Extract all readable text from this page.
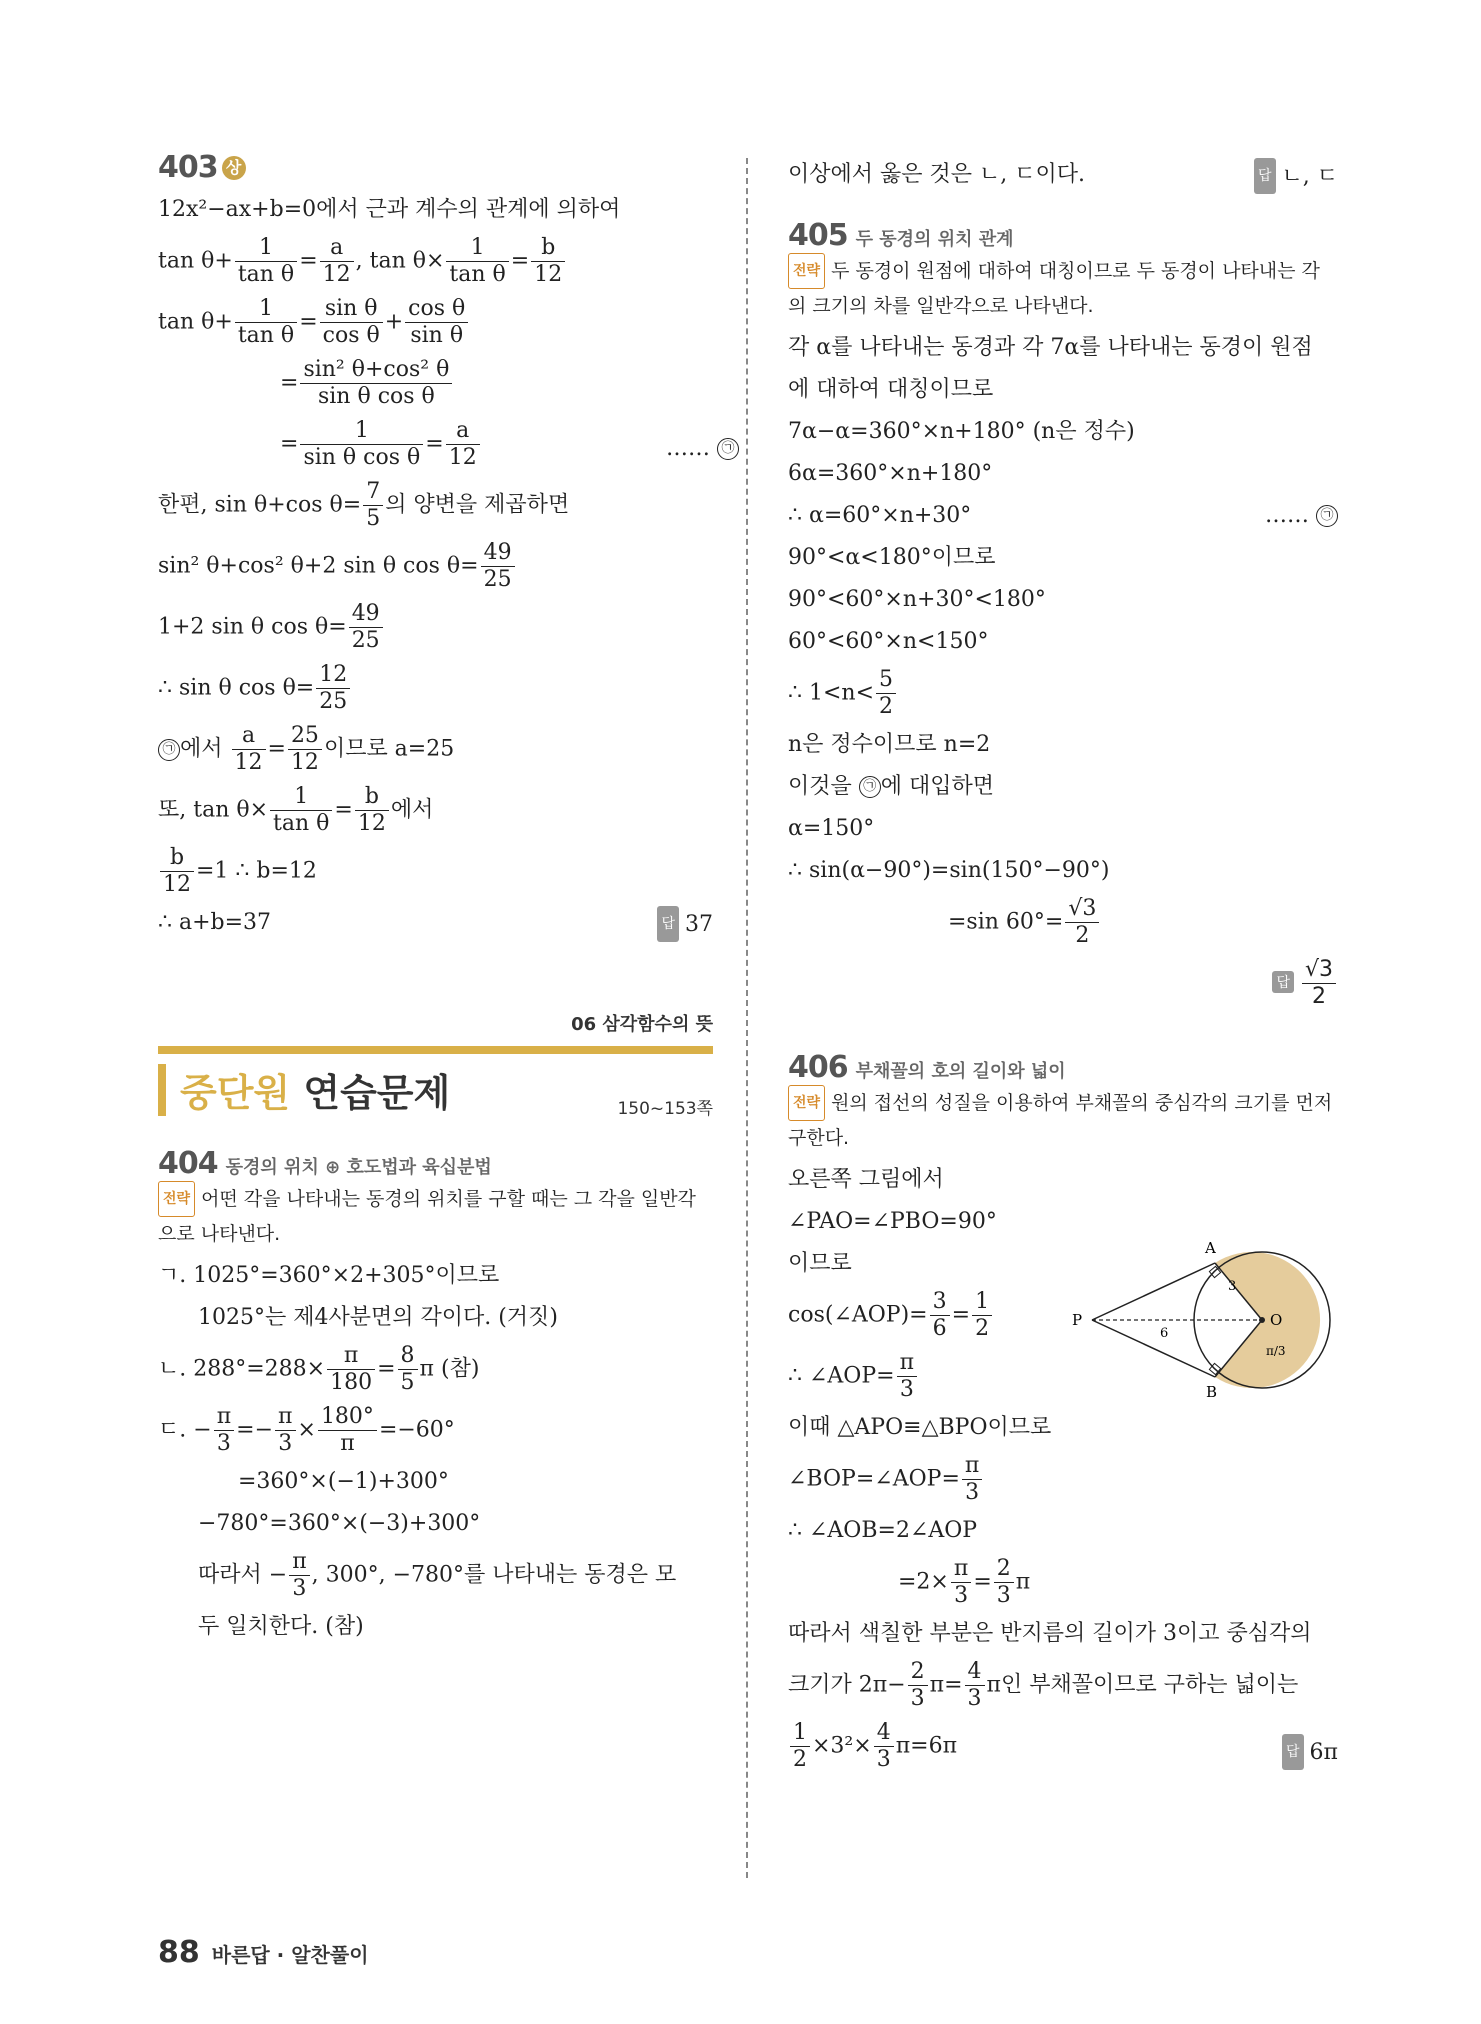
403 상
12x²−ax+b=0에서 근과 계수의 관계에 의하여
$\tan \theta+ \frac{1}{\text{tan θ}} = \frac{a}{12}$ , $\tan \theta\times \frac{1}{\text{tan θ}} = \frac{b}{12}$
$\tan \theta+ \frac{1}{\text{tan θ}} = \frac{\text{sin θ}}{\text{cos θ}} + \frac{\text{cos θ}}{\text{sin θ}}$
= $\frac{\text{sin² θ+cos² θ}}{\text{sin θ cos θ}}$
= $\frac{1}{\text{sin θ cos θ}} = \frac{a}{12}$	…… ㉠
한편, sin θ+cos $\theta= \frac{7}{5}$ 의 양변을 제곱하면
sin² θ+cos² θ+2 sin θ $\cos \theta= \frac{49}{25}$
1+2 sin θ $\cos \theta= \frac{49}{25}$
∴ sin θ $\cos \theta= \frac{12}{25}$
㉠ 에서 $\frac{a}{12} = \frac{25}{12}$ 이므로 a=25
또, $\tan \theta\times \frac{1}{\text{tan θ}} = \frac{b}{12}$ 에서
$\frac{b}{12} =1$ ∴ b=12
∴ a+b=37	답 37
06 삼각함수의 뜻
중단원 연습문제	150~153쪽
404 동경의 위치 ⊕ 호도법과 육십분법
전략 어떤 각을 나타내는 동경의 위치를 구할 때는 그 각을 일반각으로 나타낸다.
ㄱ. 1025°=360°×2+305°이므로
1025°는 제4사분면의 각이다. (거짓)
ㄴ. $288^\circ=288\times \frac{\pi}{180} = \frac{8}{5}$ π (참)
ㄷ. − $\frac{\pi}{3} =- \frac{\pi}{3} \times \frac{180^\circ}{\pi} =-60^\circ$
=360°×(−1)+300°
−780°=360°×(−3)+300°
따라서 − $\frac{\pi}{3}$ , 300°, −780°를 나타내는 동경은 모
두 일치한다. (참)
이상에서 옳은 것은 ㄴ, ㄷ이다.	답 ㄴ, ㄷ
405 두 동경의 위치 관계
전략 두 동경이 원점에 대하여 대칭이므로 두 동경이 나타내는 각의 크기의 차를 일반각으로 나타낸다.
각 α를 나타내는 동경과 각 7α를 나타내는 동경이 원점
에 대하여 대칭이므로
7α−α=360°×n+180° (n은 정수)
6α=360°×n+180°
∴ α=60°×n+30°	…… ㉠
90°<α<180°이므로
90°<60°×n+30°<180°
60°<60°×n<150°
∴ $1<n< \frac{5}{2}$
n은 정수이므로 n=2
이것을 ㉠ 에 대입하면
α=150°
∴ sin(α−90°)=sin(150°−90°)
=sin $60^\circ= \frac{√3}{2}$
답 $\frac{√3}{2}$
406 부채꼴의 호의 길이와 넓이
전략 원의 접선의 성질을 이용하여 부채꼴의 중심각의 크기를 먼저 구한다.
오른쪽 그림에서
∠PAO=∠PBO=90°
이므로
cos(∠AOP)= $\frac{3}{6} = \frac{1}{2}$
∴ ∠AOP= $\frac{\pi}{3}$
이때 △APO≡△BPO이므로
∠BOP=∠AOP= $\frac{\pi}{3}$
∴ ∠AOB=2∠AOP
$=2\times \frac{\pi}{3} = \frac{2}{3}$ π
따라서 색칠한 부분은 반지름의 길이가 3이고 중심각의
크기가 $2\pi- \frac{2}{3} \pi= \frac{4}{3}$ π인 부채꼴이므로 구하는 넓이는
$\frac{1}{2} \times 3^2\times \frac{4}{3} \pi=6\pi$	답 6π
A
B
P	O
3
6
π/3
88 바른답 · 알찬풀이
